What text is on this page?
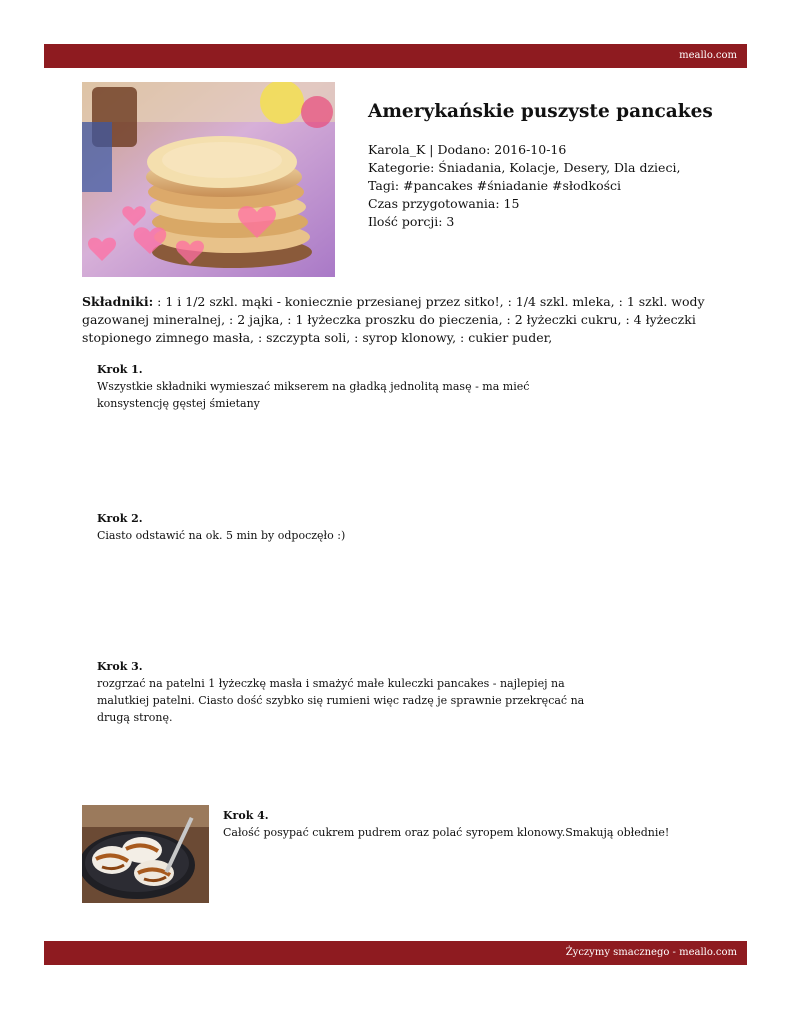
meallo.com
Amerykańskie puszyste pancakes
Karola_K | Dodano: 2016-10-16
Kategorie: Śniadania, Kolacje, Desery, Dla dzieci,
Tagi: #pancakes #śniadanie #słodkości
Czas przygotowania: 15
Ilość porcji: 3
Składniki: : 1 i 1/2 szkl. mąki - koniecznie przesianej przez sitko!, : 1/4 szkl. mleka, : 1 szkl. wody gazowanej mineralnej, : 2 jajka, : 1 łyżeczka proszku do pieczenia, : 2 łyżeczki cukru, : 4 łyżeczki stopionego zimnego masła, : szczypta soli, : syrop klonowy, : cukier puder,
Krok 1.
Wszystkie składniki wymieszać mikserem na gładką jednolitą masę - ma mieć konsystencję gęstej śmietany
Krok 2.
Ciasto odstawić na ok. 5 min by odpoczęło :)
Krok 3.
rozgrzać na patelni 1 łyżeczkę masła i smażyć małe kuleczki pancakes - najlepiej na malutkiej patelni. Ciasto dość szybko się rumieni więc radzę je sprawnie przekręcać na drugą stronę.
Krok 4.
Całość posypać cukrem pudrem oraz polać syropem klonowy.Smakują obłednie!
Życzymy smacznego - meallo.com
